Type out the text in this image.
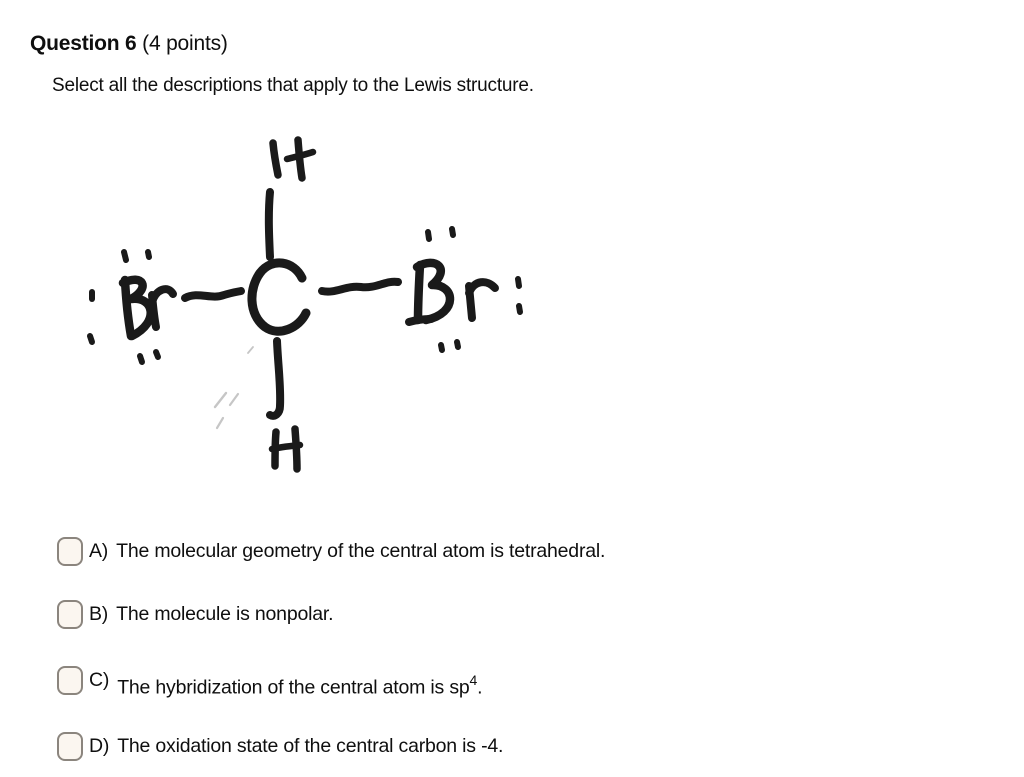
Question 6 (4 points)
Select all the descriptions that apply to the Lewis structure.
A) The molecular geometry of the central atom is tetrahedral.
B) The molecule is nonpolar.
C) The hybridization of the central atom is $sp^4$.
D) The oxidation state of the central carbon is -4.
